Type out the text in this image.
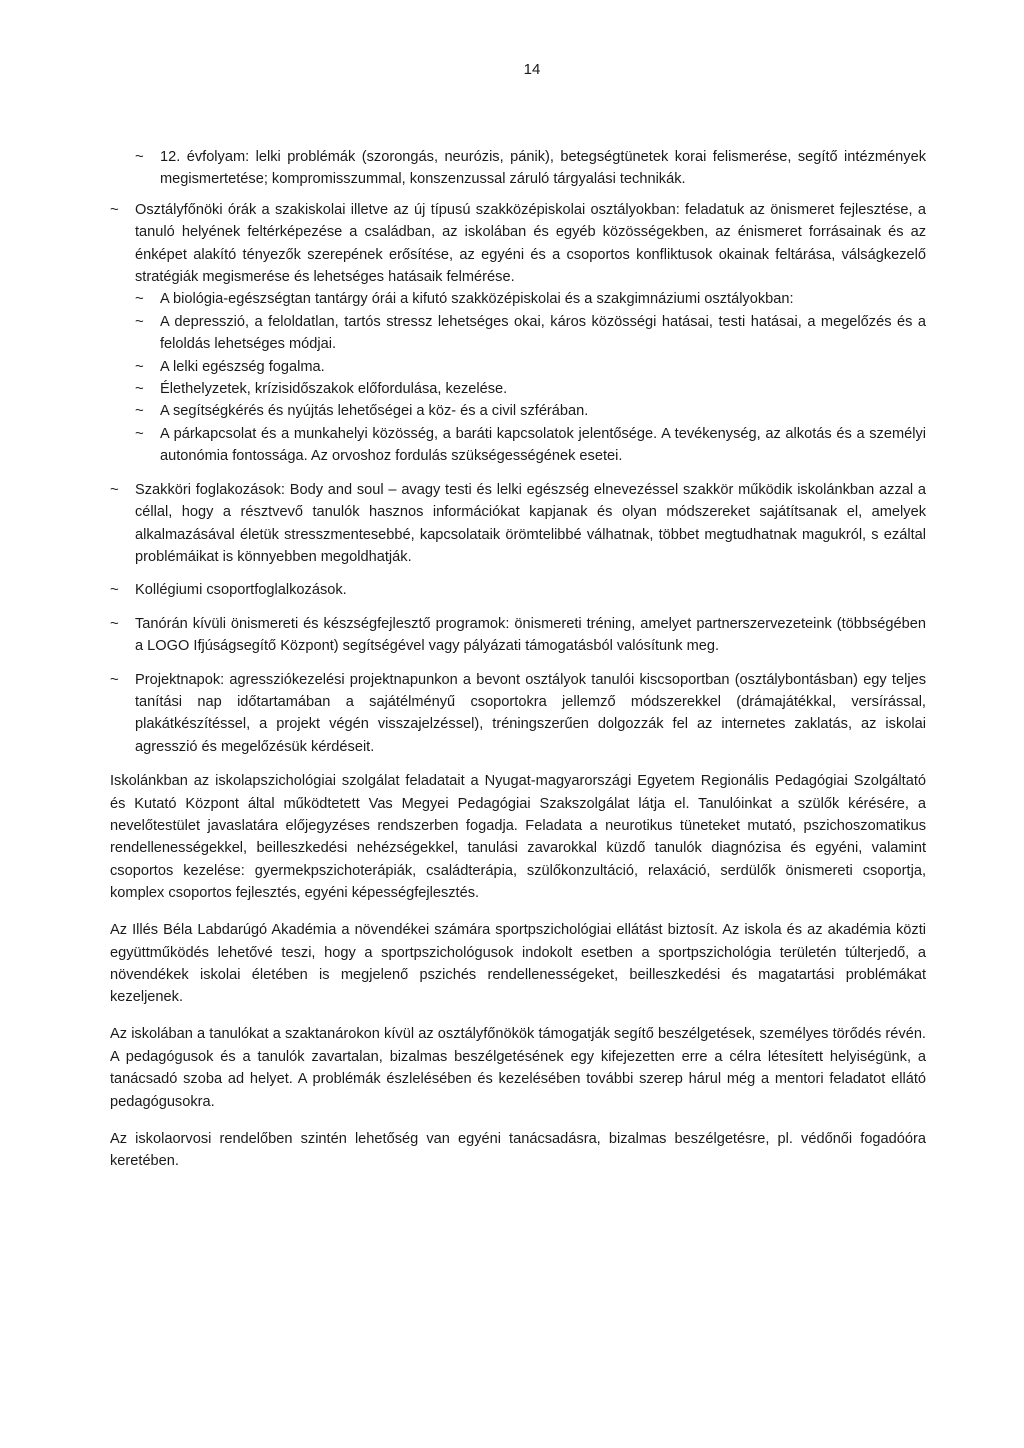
14
~ 12. évfolyam: lelki problémák (szorongás, neurózis, pánik), betegségtünetek korai felismerése, segítő intézmények megismertetése; kompromisszummal, konszenzussal záruló tárgyalási technikák.
~ Osztályfőnöki órák a szakiskolai illetve az új típusú szakközépiskolai osztályokban: feladatuk az önismeret fejlesztése, a tanuló helyének feltérképezése a családban, az iskolában és egyéb közösségekben, az énismeret forrásainak és az énképet alakító tényezők szerepének erősítése, az egyéni és a csoportos konfliktusok okainak feltárása, válságkezelő stratégiák megismerése és lehetséges hatásaik felmérése.
~ A biológia-egészségtan tantárgy órái a kifutó szakközépiskolai és a szakgimnáziumi osztályokban:
~ A depresszió, a feloldatlan, tartós stressz lehetséges okai, káros közösségi hatásai, testi hatásai, a megelőzés és a feloldás lehetséges módjai.
~ A lelki egészség fogalma.
~ Élethelyzetek, krízisidőszakok előfordulása, kezelése.
~ A segítségkérés és nyújtás lehetőségei a köz- és a civil szférában.
~ A párkapcsolat és a munkahelyi közösség, a baráti kapcsolatok jelentősége. A tevékenység, az alkotás és a személyi autonómia fontossága. Az orvoshoz fordulás szükségességének esetei.
~ Szakköri foglakozások: Body and soul – avagy testi és lelki egészség elnevezéssel szakkör működik iskolánkban azzal a céllal, hogy a résztvevő tanulók hasznos információkat kapjanak és olyan módszereket sajátítsanak el, amelyek alkalmazásával életük stresszmentesebbé, kapcsolataik örömtelibbé válhatnak, többet megtudhatnak magukról, s ezáltal problémáikat is könnyebben megoldhatják.
~ Kollégiumi csoportfoglalkozások.
~ Tanórán kívüli önismereti és készségfejlesztő programok: önismereti tréning, amelyet partnerszervezeteink (többségében a LOGO Ifjúságsegítő Központ) segítségével vagy pályázati támogatásból valósítunk meg.
~ Projektnapok: agressziókezelési projektnapunkon a bevont osztályok tanulói kiscsoportban (osztálybontásban) egy teljes tanítási nap időtartamában a sajátélményű csoportokra jellemző módszerekkel (drámajátékkal, versírással, plakátkészítéssel, a projekt végén visszajelzéssel), tréningszerűen dolgozzák fel az internetes zaklatás, az iskolai agresszió és megelőzésük kérdéseit.

Iskolánkban az iskolapszichológiai szolgálat feladatait a Nyugat-magyarországi Egyetem Regionális Pedagógiai Szolgáltató és Kutató Központ által működtetett Vas Megyei Pedagógiai Szakszolgálat látja el. Tanulóinkat a szülők kérésére, a nevelőtestület javaslatára előjegyzéses rendszerben fogadja. Feladata a neurotikus tüneteket mutató, pszichoszomatikus rendellenességekkel, beilleszkedési nehézségekkel, tanulási zavarokkal küzdő tanulók diagnózisa és egyéni, valamint csoportos kezelése: gyermekpszichoterápiák, családterápia, szülőkonzultáció, relaxáció, serdülők önismereti csoportja, komplex csoportos fejlesztés, egyéni képességfejlesztés.

Az Illés Béla Labdarúgó Akadémia a növendékei számára sportpszichológiai ellátást biztosít. Az iskola és az akadémia közti együttműködés lehetővé teszi, hogy a sportpszichológusok indokolt esetben a sportpszichológia területén túlterjedő, a növendékek iskolai életében is megjelenő pszichés rendellenességeket, beilleszkedési és magatartási problémákat kezeljenek.

Az iskolában a tanulókat a szaktanárokon kívül az osztályfőnökök támogatják segítő beszélgetések, személyes törődés révén. A pedagógusok és a tanulók zavartalan, bizalmas beszélgetésének egy kifejezetten erre a célra létesített helyiségünk, a tanácsadó szoba ad helyet. A problémák észlelésében és kezelésében további szerep hárul még a mentori feladatot ellátó pedagógusokra.

Az iskolaorvosi rendelőben szintén lehetőség van egyéni tanácsadásra, bizalmas beszélgetésre, pl. védőnői fogadóóra keretében.
